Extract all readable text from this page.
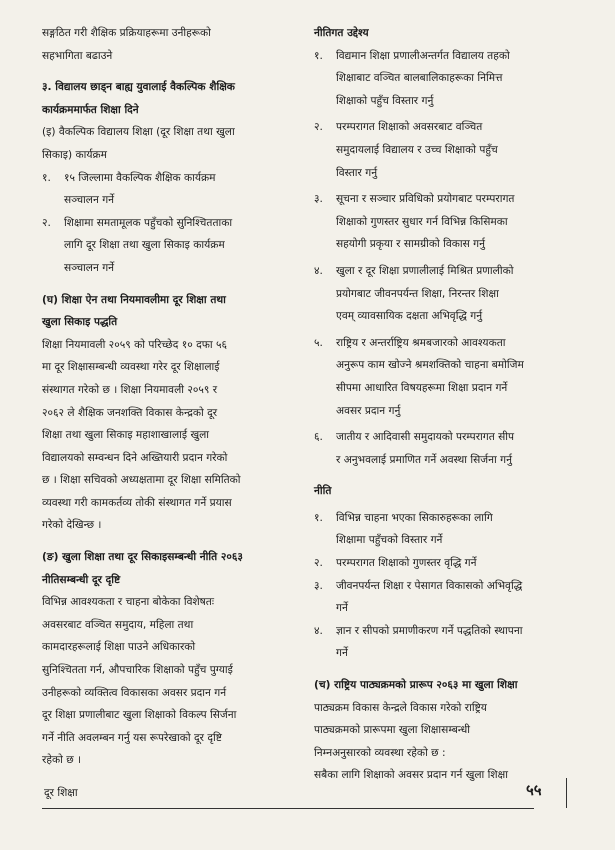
सङ्गठित गरी शैक्षिक प्रक्रियाहरूमा उनीहरूको

सहभागिता बढाउने

३. विद्यालय छाड्न बाह्य युवालाई वैकल्पिक शैक्षिक

कार्यक्रममार्फत शिक्षा दिने

(इ) वैकल्पिक विद्यालय शिक्षा (दूर शिक्षा तथा खुला

सिकाइ) कार्यक्रम

१.	१५ जिल्लामा वैकल्पिक शैक्षिक कार्यक्रम
सञ्चालन गर्ने
२.	शिक्षामा समतामूलक पहुँचको सुनिश्चितताका
लागि दूर शिक्षा तथा खुला सिकाइ कार्यक्रम
सञ्चालन गर्ने

(घ) शिक्षा ऐन तथा नियमावलीमा दूर शिक्षा तथा

खुला सिकाइ पद्धति

शिक्षा नियमावली २०५९ को परिच्छेद १० दफा ५६

मा दूर शिक्षासम्बन्धी व्यवस्था गरेर दूर शिक्षालाई

संस्थागत गरेको छ । शिक्षा नियमावली २०५९ र

२०६२ ले शैक्षिक जनशक्ति विकास केन्द्रको दूर

शिक्षा तथा खुला सिकाइ महाशाखालाई खुला

विद्यालयको सम्वन्धन दिने अख्तियारी प्रदान गरेको

छ । शिक्षा सचिवको अध्यक्षतामा दूर शिक्षा समितिको

व्यवस्था गरी कामकर्तव्य तोकी संस्थागत गर्ने प्रयास

गरेको देखिन्छ ।

(ङ) खुला शिक्षा तथा दूर सिकाइसम्बन्धी नीति २०६३

नीतिसम्बन्धी दूर दृष्टि

विभिन्न आवश्यकता र चाहना बोकेका विशेषतः

अवसरबाट वञ्चित समुदाय, महिला तथा

कामदारहरूलाई शिक्षा पाउने अधिकारको

सुनिश्चितता गर्न, औपचारिक शिक्षाको पहुँच पुग्याई

उनीहरूको व्यक्तित्व विकासका अवसर प्रदान गर्न

दूर शिक्षा प्रणालीबाट खुला शिक्षाको विकल्प सिर्जना

गर्ने नीति अवलम्बन गर्नु यस रूपरेखाको दूर दृष्टि

रहेको छ ।

नीतिगत उद्देश्य

१.	विद्यमान शिक्षा प्रणालीअन्तर्गत विद्यालय तहको
शिक्षाबाट वञ्चित बालबालिकाहरूका निमित्त
शिक्षाको पहुँच विस्तार गर्नु
२.	परम्परागत शिक्षाको अवसरबाट वञ्चित
समुदायलाई विद्यालय र उच्च शिक्षाको पहुँच
विस्तार गर्नु
३.	सूचना र सञ्चार प्रविधिको प्रयोगबाट परम्परागत
शिक्षाको गुणस्तर सुधार गर्न विभिन्न किसिमका
सहयोगी प्रकृया र सामग्रीको विकास गर्नु
४.	खुला र दूर शिक्षा प्रणालीलाई मिश्रित प्रणालीको
प्रयोगबाट जीवनपर्यन्त शिक्षा, निरन्तर शिक्षा
एवम् व्यावसायिक दक्षता अभिवृद्धि गर्नु
५.	राष्ट्रिय र अन्तर्राष्ट्रिय श्रमबजारको आवश्यकता
अनुरूप काम खोज्ने श्रमशक्तिको चाहना बमोजिम
सीपमा आधारित विषयहरूमा शिक्षा प्रदान गर्ने
अवसर प्रदान गर्नु
६.	जातीय र आदिवासी समुदायको परम्परागत सीप
र अनुभवलाई प्रमाणित गर्ने अवस्था सिर्जना गर्नु

नीति

१.	विभिन्न चाहना भएका सिकारुहरूका लागि
शिक्षामा पहुँचको विस्तार गर्ने
२.	परम्परागत शिक्षाको गुणस्तर वृद्धि गर्ने
३.	जीवनपर्यन्त शिक्षा र पेसागत विकासको अभिवृद्धि
गर्ने
४.	ज्ञान र सीपको प्रमाणीकरण गर्ने पद्धतिको स्थापना
गर्ने

(च) राष्ट्रिय पाठ्यक्रमको प्रारूप २०६३ मा खुला शिक्षा

पाठ्यक्रम विकास केन्द्रले विकास गरेको राष्ट्रिय

पाठ्यक्रमको प्रारूपमा खुला शिक्षासम्बन्धी

निम्नअनुसारको व्यवस्था रहेको छ :

सबैका लागि शिक्षाको अवसर प्रदान गर्न खुला शिक्षा

दूर शिक्षा	५५
